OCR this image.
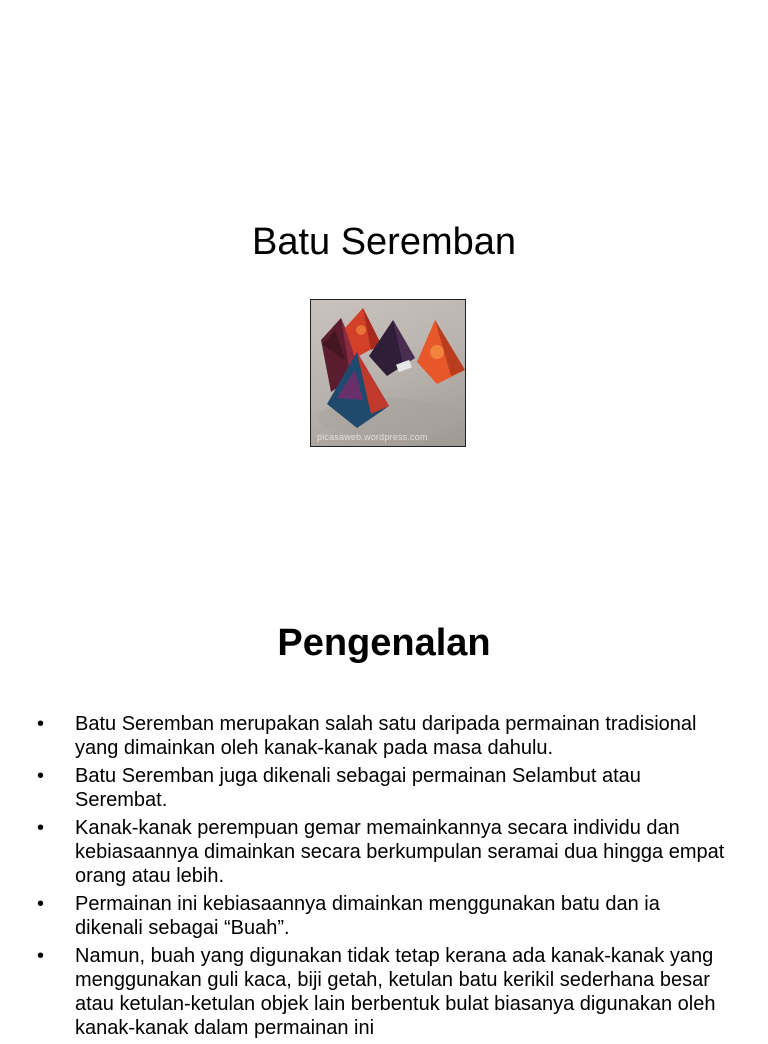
Batu Seremban
picasaweb.wordpress.com
Pengenalan
• Batu Seremban merupakan salah satu daripada permainan tradisional yang dimainkan oleh kanak-kanak pada masa dahulu.
• Batu Seremban juga dikenali sebagai permainan Selambut atau Serembat.
• Kanak-kanak perempuan gemar memainkannya secara individu dan kebiasaannya dimainkan secara berkumpulan seramai dua hingga empat orang atau lebih.
• Permainan ini kebiasaannya dimainkan menggunakan batu dan ia dikenali sebagai “Buah”.
• Namun, buah yang digunakan tidak tetap kerana ada kanak-kanak yang menggunakan guli kaca, biji getah, ketulan batu kerikil sederhana besar atau ketulan-ketulan objek lain berbentuk bulat biasanya digunakan oleh kanak-kanak dalam permainan ini
